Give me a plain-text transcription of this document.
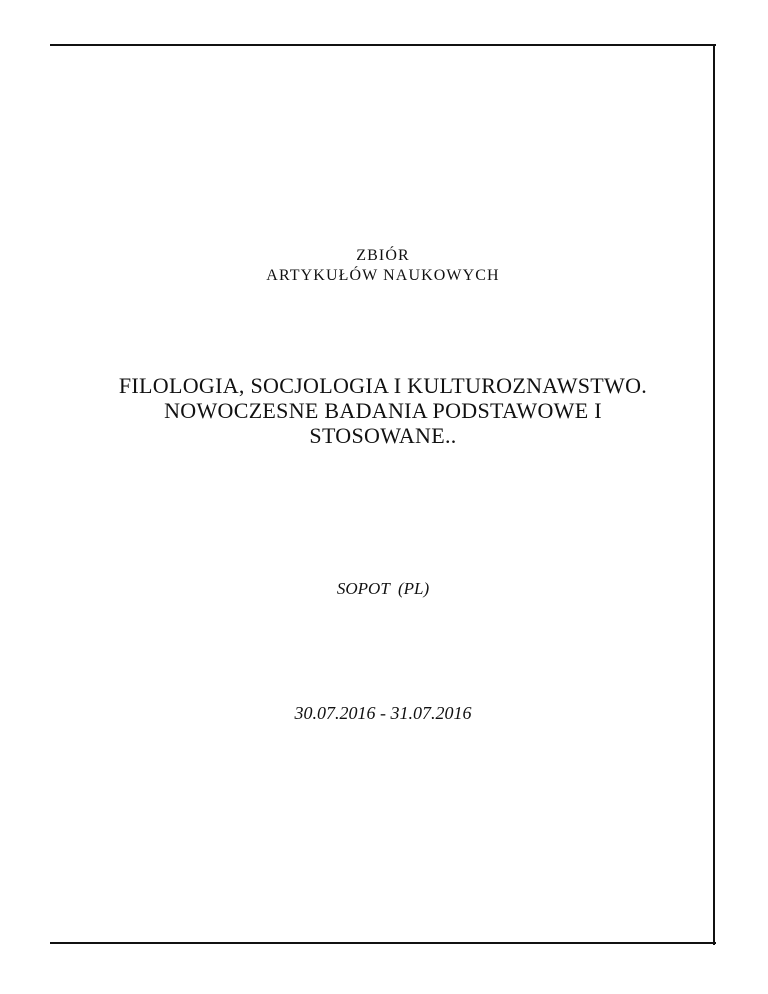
ZBIÓR
ARTYKUŁÓW NAUKOWYCH
FILOLOGIA, SOCJOLOGIA I KULTUROZNAWSTWO.
NOWOCZESNE BADANIA PODSTAWOWE I
STOSOWANE..
SOPOT  (PL)
30.07.2016 - 31.07.2016
